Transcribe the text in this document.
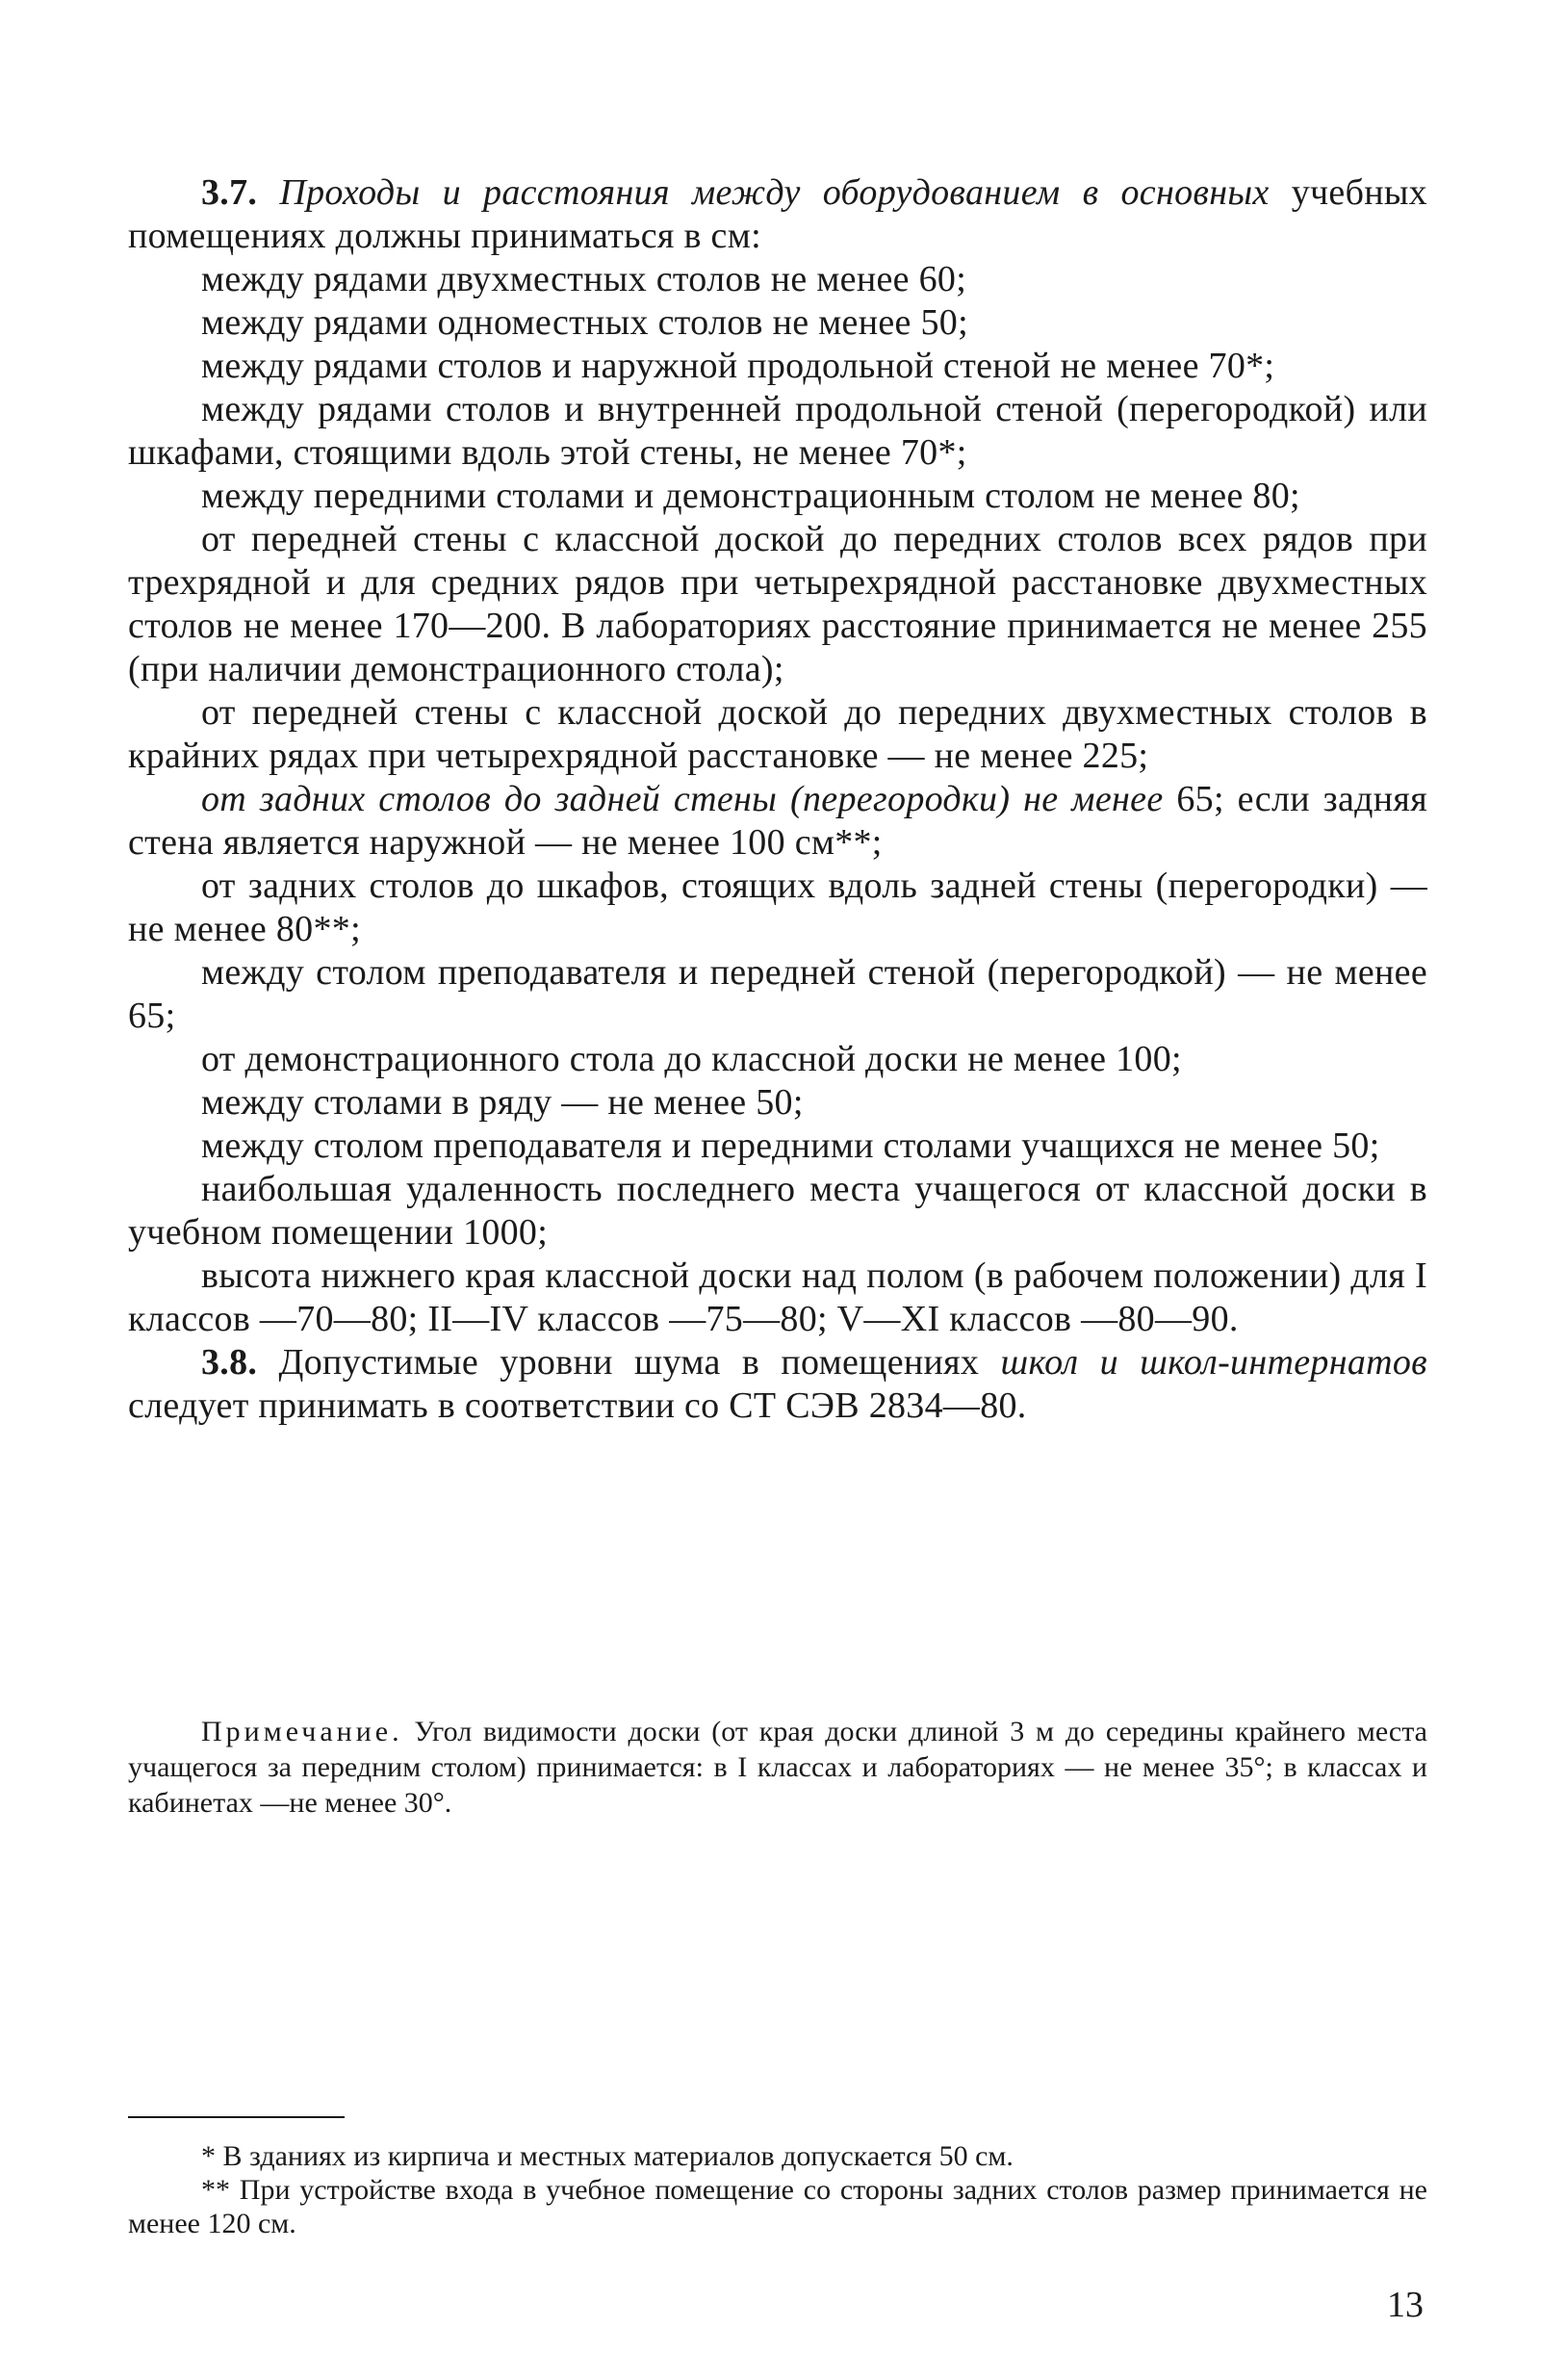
3.7. Проходы и расстояния между оборудованием в основных учебных помещениях должны приниматься в см:

между рядами двухместных столов не менее 60;

между рядами одноместных столов не менее 50;

между рядами столов и наружной продольной стеной не менее 70*;

между рядами столов и внутренней продольной стеной (перегородкой) или шкафами, стоящими вдоль этой стены, не менее 70*;

между передними столами и демонстрационным столом не менее 80;

от передней стены с классной доской до передних столов всех рядов при трехрядной и для средних рядов при четырехрядной расстановке двухместных столов не менее 170—200. В лабораториях расстояние принимается не менее 255 (при наличии демонстрационного стола);

от передней стены с классной доской до передних двухместных столов в крайних рядах при четырехрядной расстановке — не менее 225;

от задних столов до задней стены (перегородки) не менее 65; если задняя стена является наружной — не менее 100 см**;

от задних столов до шкафов, стоящих вдоль задней стены (перегородки) —не менее 80**;

между столом преподавателя и передней стеной (перегородкой) — не менее 65;

от демонстрационного стола до классной доски не менее 100;

между столами в ряду — не менее 50;

между столом преподавателя и передними столами учащихся не менее 50;

наибольшая удаленность последнего места учащегося от классной доски в учебном помещении 1000;

высота нижнего края классной доски над полом (в рабочем положении) для I классов —70—80; II—IV классов —75—80; V—XI классов —80—90.

3.8. Допустимые уровни шума в помещениях школ и школ-интернатов следует принимать в соответствии со СТ СЭВ 2834—80.

Примечание. Угол видимости доски (от края доски длиной 3 м до середины крайнего места учащегося за передним столом) принимается: в I классах и лабораториях — не менее 35°; в классах и кабинетах —не менее 30°.

* В зданиях из кирпича и местных материалов допускается 50 см.

** При устройстве входа в учебное помещение со стороны задних столов размер принимается не менее 120 см.

13
